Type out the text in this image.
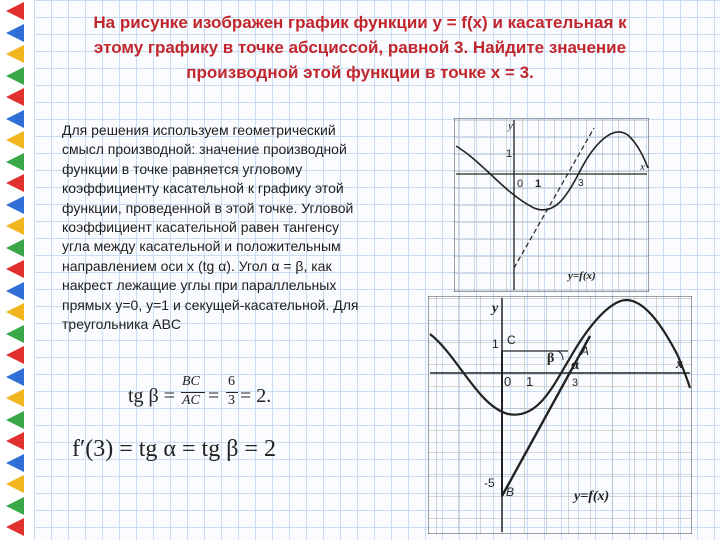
На рисунке изображен график функции y = f(x) и касательная к
этому графику в точке абсциссой, равной 3. Найдите значение
производной этой функции в точке x = 3.
Для решения используем геометрический
смысл производной: значение производной
функции в точке равняется угловому
коэффициенту касательной к графику этой
функции, проведенной в этой точке. Угловой
коэффициент касательной равен тангенсу
угла между касательной и положительным
направлением оси x (tg α). Угол α = β, как
накрест лежащие углы при параллельных
прямых y=0, y=1 и секущей-касательной. Для
треугольника ABC
tg β =
BC
AC =
6
3 = 2.
f′(3) = tg α = tg β = 2
y
x
1
0 1	3
y=f(x)
y
x
1 C
0 1	3
β α
A
-5
B	y=f(x)
